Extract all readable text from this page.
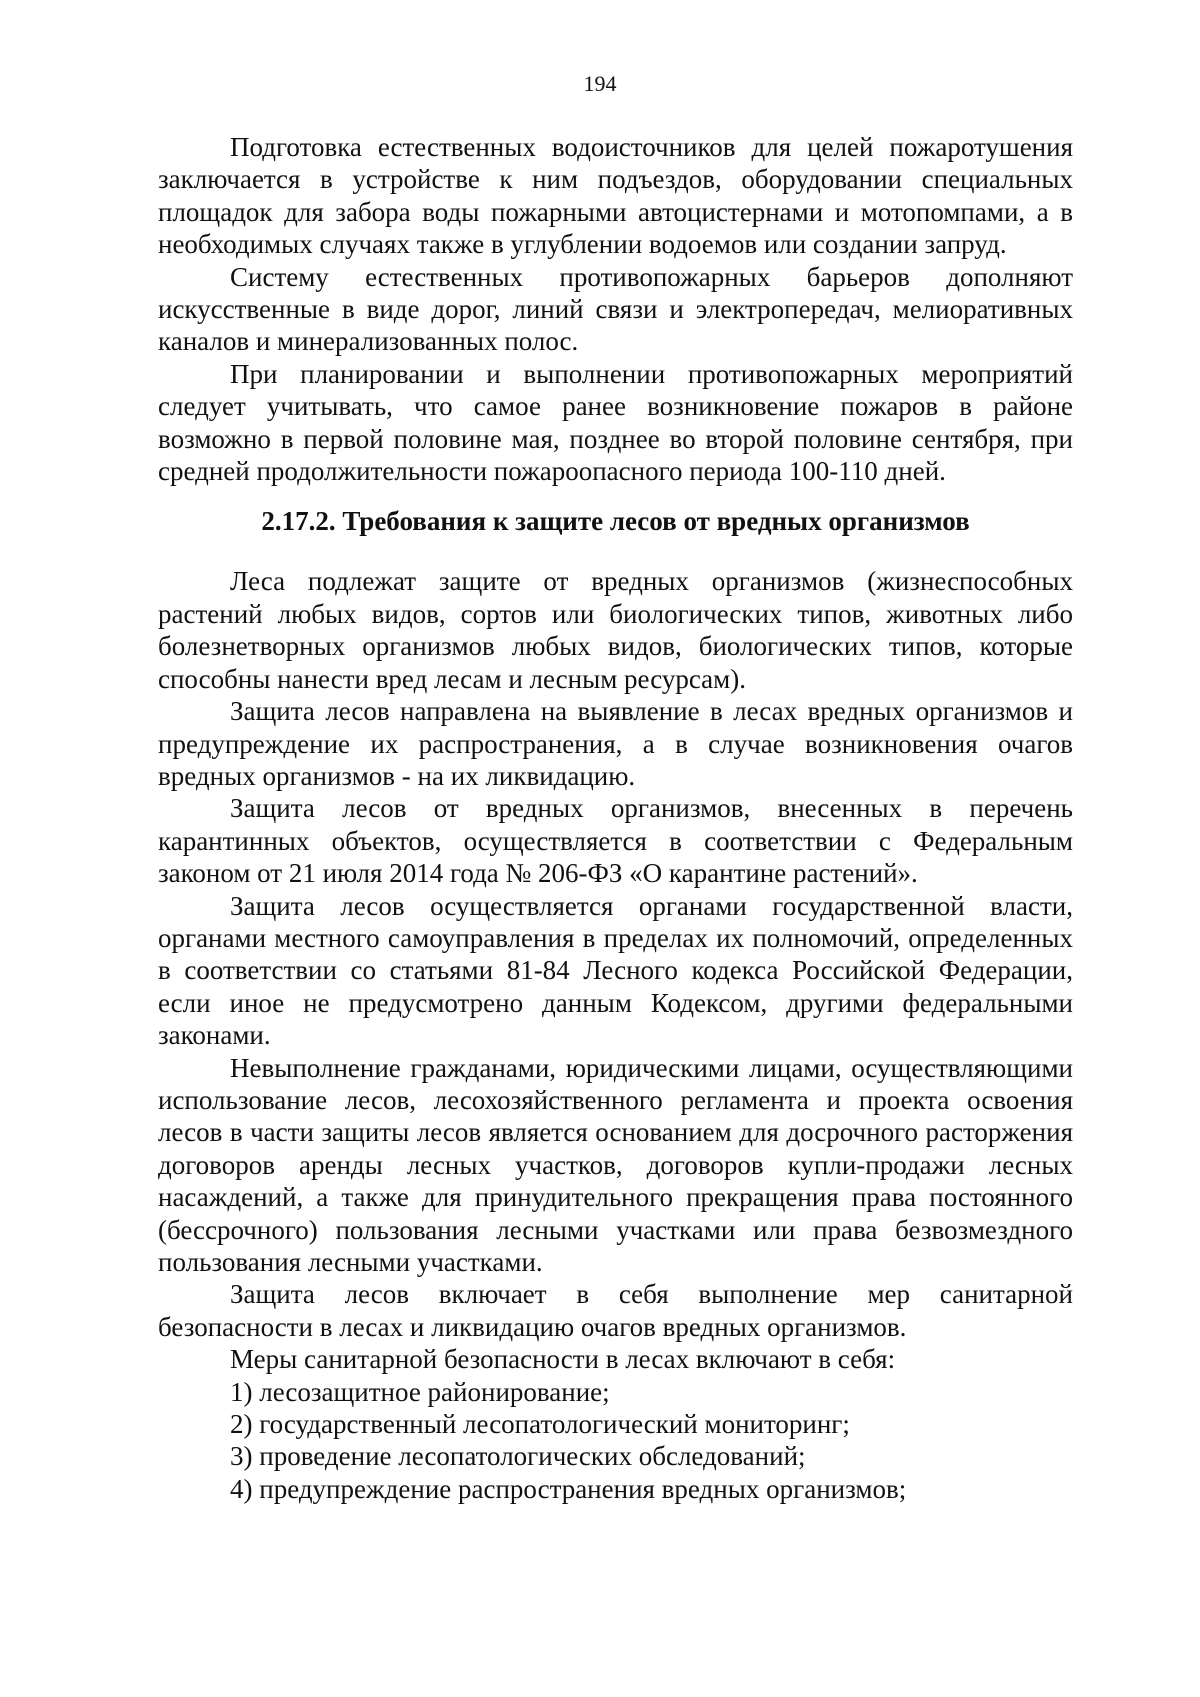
194

Подготовка естественных водоисточников для целей пожаротушения заключается в устройстве к ним подъездов, оборудовании специальных площадок для забора воды пожарными автоцистернами и мотопомпами, а в необходимых случаях также в углублении водоемов или создании запруд.

Систему естественных противопожарных барьеров дополняют искусственные в виде дорог, линий связи и электропередач, мелиоративных каналов и минерализованных полос.

При планировании и выполнении противопожарных мероприятий следует учитывать, что самое ранее возникновение пожаров в районе возможно в первой половине мая, позднее во второй половине сентября, при средней продолжительности пожароопасного периода 100-110 дней.

2.17.2. Требования к защите лесов от вредных организмов

Леса подлежат защите от вредных организмов (жизнеспособных растений любых видов, сортов или биологических типов, животных либо болезнетворных организмов любых видов, биологических типов, которые способны нанести вред лесам и лесным ресурсам).

Защита лесов направлена на выявление в лесах вредных организмов и предупреждение их распространения, а в случае возникновения очагов вредных организмов - на их ликвидацию.

Защита лесов от вредных организмов, внесенных в перечень карантинных объектов, осуществляется в соответствии с Федеральным законом от 21 июля 2014 года № 206-ФЗ «О карантине растений».

Защита лесов осуществляется органами государственной власти, органами местного самоуправления в пределах их полномочий, определенных в соответствии со статьями 81-84 Лесного кодекса Российской Федерации, если иное не предусмотрено данным Кодексом, другими федеральными законами.

Невыполнение гражданами, юридическими лицами, осуществляющими использование лесов, лесохозяйственного регламента и проекта освоения лесов в части защиты лесов является основанием для досрочного расторжения договоров аренды лесных участков, договоров купли-продажи лесных насаждений, а также для принудительного прекращения права постоянного (бессрочного) пользования лесными участками или права безвозмездного пользования лесными участками.

Защита лесов включает в себя выполнение мер санитарной безопасности в лесах и ликвидацию очагов вредных организмов.

Меры санитарной безопасности в лесах включают в себя:

1) лесозащитное районирование;
2) государственный лесопатологический мониторинг;
3) проведение лесопатологических обследований;
4) предупреждение распространения вредных организмов;
